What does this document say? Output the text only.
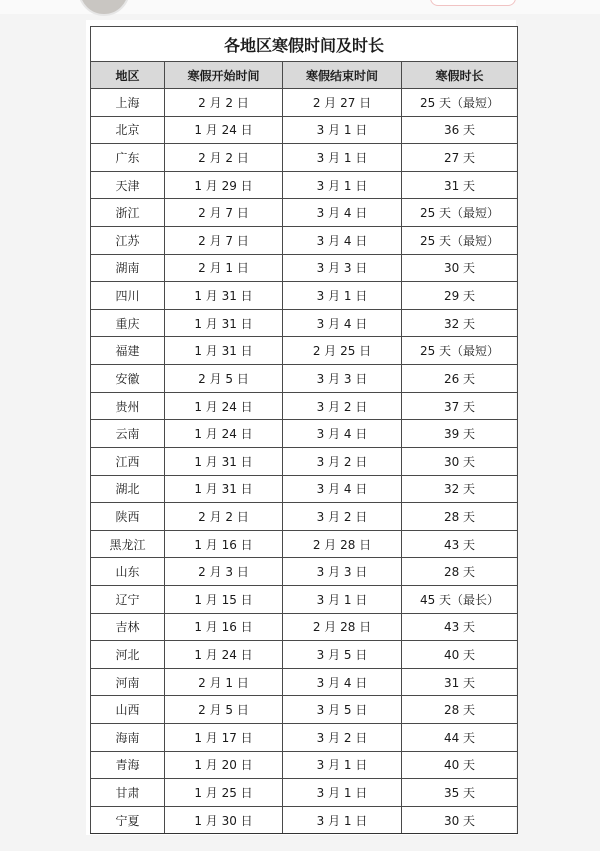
各地区寒假时间及时长			
地区	寒假开始时间	寒假结束时间	寒假时长
上海	2 月 2 日	2 月 27 日	25 天（最短）
北京	1 月 24 日	3 月 1 日	36 天
广东	2 月 2 日	3 月 1 日	27 天
天津	1 月 29 日	3 月 1 日	31 天
浙江	2 月 7 日	3 月 4 日	25 天（最短）
江苏	2 月 7 日	3 月 4 日	25 天（最短）
湖南	2 月 1 日	3 月 3 日	30 天
四川	1 月 31 日	3 月 1 日	29 天
重庆	1 月 31 日	3 月 4 日	32 天
福建	1 月 31 日	2 月 25 日	25 天（最短）
安徽	2 月 5 日	3 月 3 日	26 天
贵州	1 月 24 日	3 月 2 日	37 天
云南	1 月 24 日	3 月 4 日	39 天
江西	1 月 31 日	3 月 2 日	30 天
湖北	1 月 31 日	3 月 4 日	32 天
陕西	2 月 2 日	3 月 2 日	28 天
黑龙江	1 月 16 日	2 月 28 日	43 天
山东	2 月 3 日	3 月 3 日	28 天
辽宁	1 月 15 日	3 月 1 日	45 天（最长）
吉林	1 月 16 日	2 月 28 日	43 天
河北	1 月 24 日	3 月 5 日	40 天
河南	2 月 1 日	3 月 4 日	31 天
山西	2 月 5 日	3 月 5 日	28 天
海南	1 月 17 日	3 月 2 日	44 天
青海	1 月 20 日	3 月 1 日	40 天
甘肃	1 月 25 日	3 月 1 日	35 天
宁夏	1 月 30 日	3 月 1 日	30 天
